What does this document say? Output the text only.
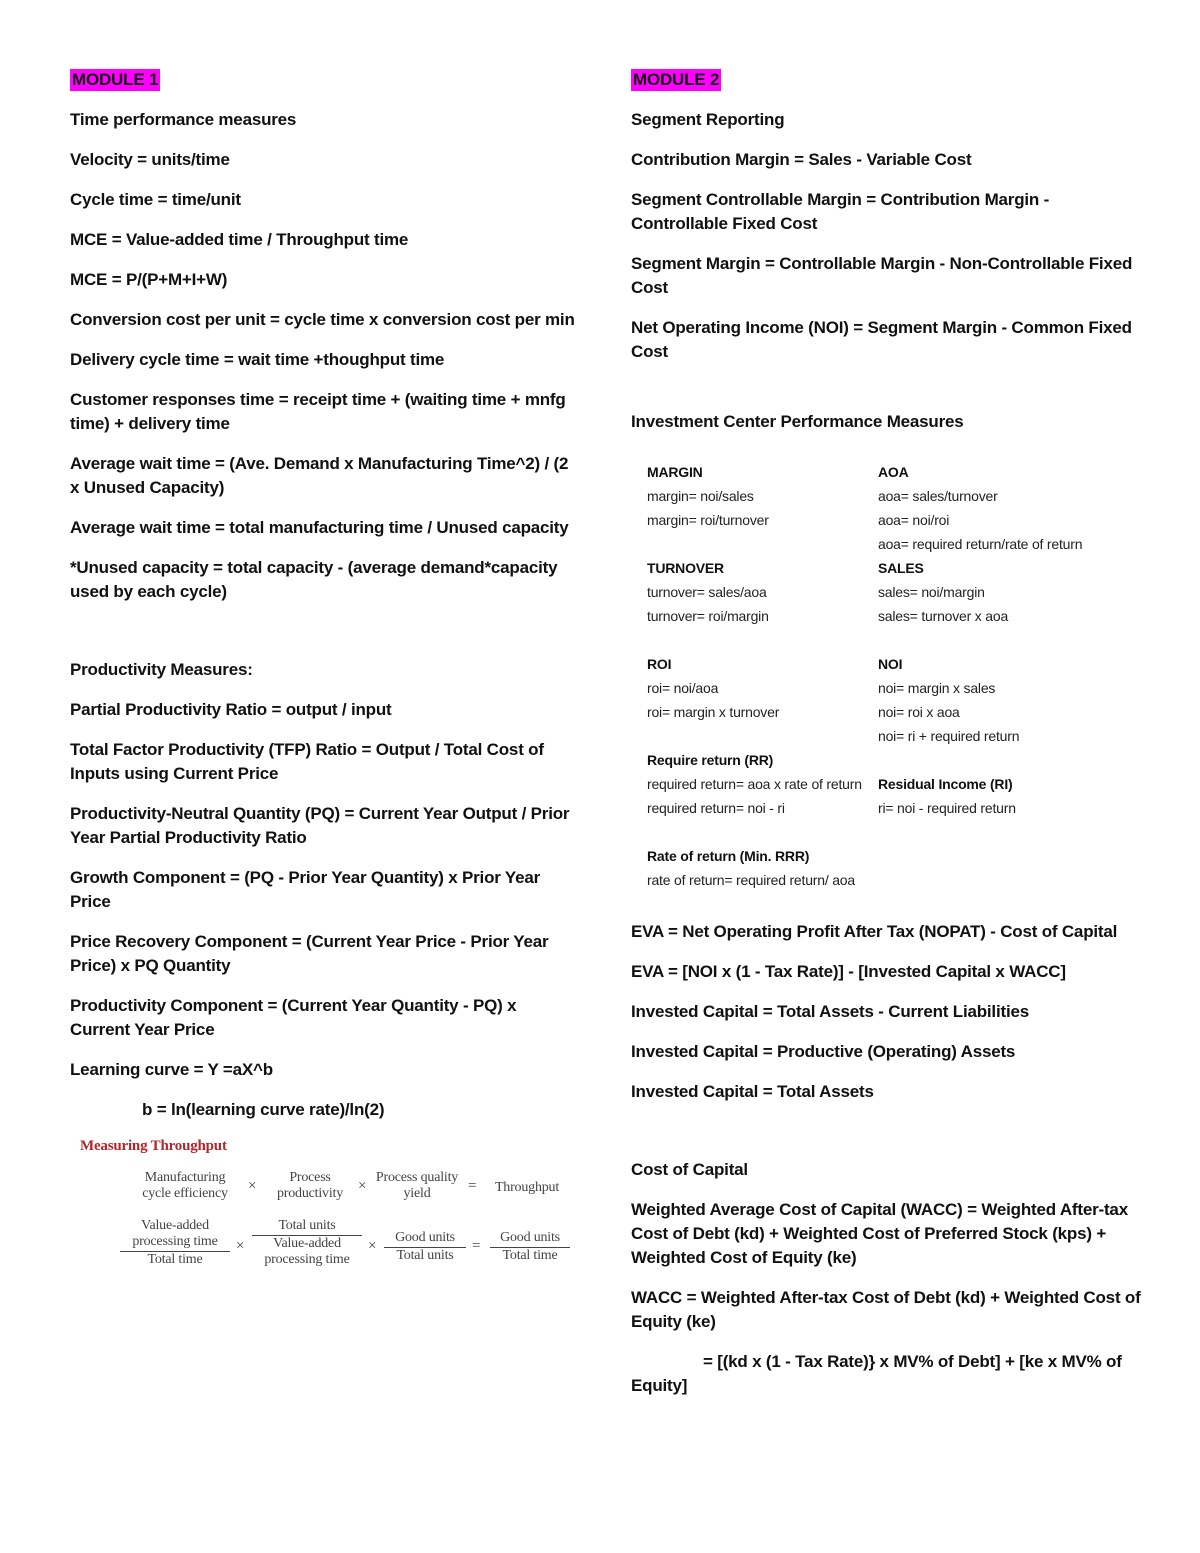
MODULE 1
Time performance measures
Velocity = units/time
Cycle time = time/unit
MCE = Value-added time / Throughput time
MCE = P/(P+M+I+W)
Conversion cost per unit = cycle time x conversion cost per min
Delivery cycle time = wait time +thoughput time
Customer responses time = receipt time + (waiting time + mnfg time) + delivery time
Average wait time = (Ave. Demand x Manufacturing Time^2) / (2 x Unused Capacity)
Average wait time = total manufacturing time / Unused capacity
*Unused capacity = total capacity - (average demand*capacity used by each cycle)
Productivity Measures:
Partial Productivity Ratio = output / input
Total Factor Productivity (TFP) Ratio = Output / Total Cost of Inputs using Current Price
Productivity-Neutral Quantity (PQ) = Current Year Output / Prior Year Partial Productivity Ratio
Growth Component = (PQ - Prior Year Quantity) x Prior Year Price
Price Recovery Component = (Current Year Price - Prior Year Price) x PQ Quantity
Productivity Component = (Current Year Quantity - PQ) x Current Year Price
Learning curve = Y =aX^b
b = ln(learning curve rate)/ln(2)
Measuring Throughput
Manufacturing cycle efficiency	×
Process productivity ×
Process quality yield	=	Throughput
Value-added processing time
Total time
×
Total units
Value-added processing time
×
Good units
Total units
=
Good units
Total time
MODULE 2
Segment Reporting
Contribution Margin = Sales - Variable Cost
Segment Controllable Margin = Contribution Margin - Controllable Fixed Cost
Segment Margin = Controllable Margin - Non-Controllable Fixed Cost
Net Operating Income (NOI) = Segment Margin - Common Fixed Cost
Investment Center Performance Measures
MARGIN
margin= noi/sales
margin= roi/turnover
TURNOVER
turnover= sales/aoa
turnover= roi/margin
ROI
roi= noi/aoa
roi= margin x turnover
Require return (RR)
required return= aoa x rate of return
required return= noi - ri
Rate of return (Min. RRR)
rate of return= required return/ aoa
AOA
aoa= sales/turnover
aoa= noi/roi
aoa= required return/rate of return
SALES
sales= noi/margin
sales= turnover x aoa
NOI
noi= margin x sales
noi= roi x aoa
noi= ri + required return
Residual Income (RI)
ri= noi - required return
EVA = Net Operating Profit After Tax (NOPAT) - Cost of Capital
EVA = [NOI x (1 - Tax Rate)] - [Invested Capital x WACC]
Invested Capital = Total Assets - Current Liabilities
Invested Capital = Productive (Operating) Assets
Invested Capital = Total Assets
Cost of Capital
Weighted Average Cost of Capital (WACC) = Weighted After-tax Cost of Debt (kd) + Weighted Cost of Preferred Stock (kps) + Weighted Cost of Equity (ke)
WACC = Weighted After-tax Cost of Debt (kd) + Weighted Cost of Equity (ke)
= [(kd x (1 - Tax Rate)} x MV% of Debt] + [ke x MV% of Equity]
